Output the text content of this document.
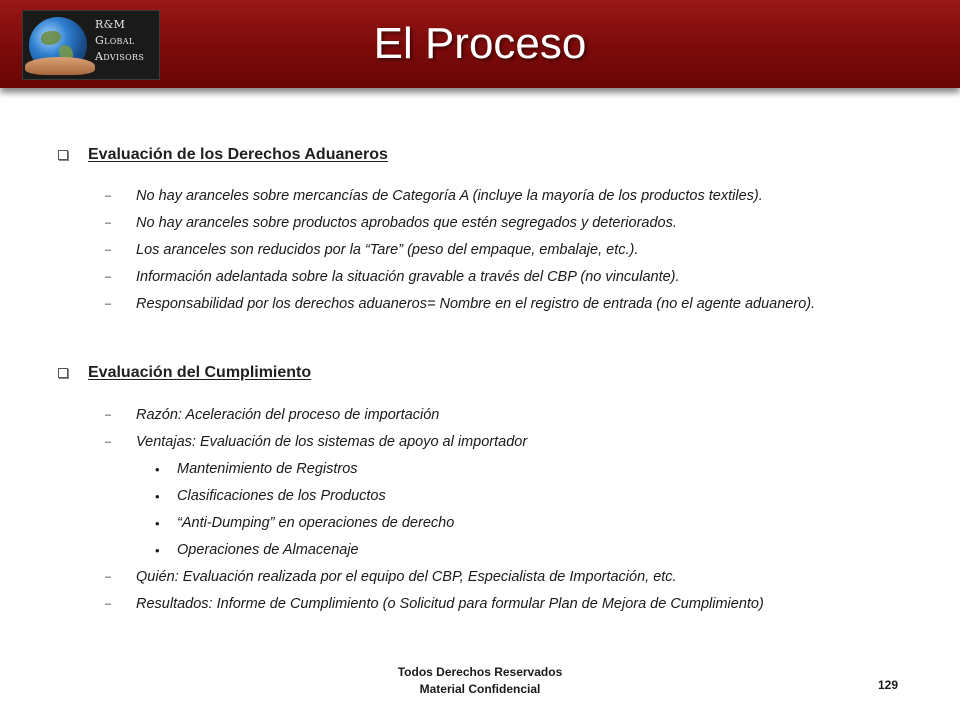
R&M
Global
Advisors	El Proceso
Evaluación de los Derechos Aduaneros
– No hay aranceles sobre mercancías de Categoría A (incluye la mayoría de los productos textiles).
– No hay aranceles sobre productos aprobados que estén segregados y deteriorados.
– Los aranceles son reducidos por la “Tare” (peso del empaque, embalaje, etc.).
– Información adelantada sobre la situación gravable a través del CBP (no vinculante).
– Responsabilidad por los derechos aduaneros= Nombre en el registro de entrada (no el agente aduanero).
Evaluación del Cumplimiento
– Razón: Aceleración del proceso de importación
– Ventajas: Evaluación de los sistemas de apoyo al importador
• Mantenimiento de Registros
• Clasificaciones de los Productos
• “Anti-Dumping” en operaciones de derecho
• Operaciones de Almacenaje
– Quién: Evaluación realizada por el equipo del CBP, Especialista de Importación, etc.
– Resultados: Informe de Cumplimiento (o Solicitud para formular Plan de Mejora de Cumplimiento)
Todos Derechos Reservados
Material Confidencial	129
